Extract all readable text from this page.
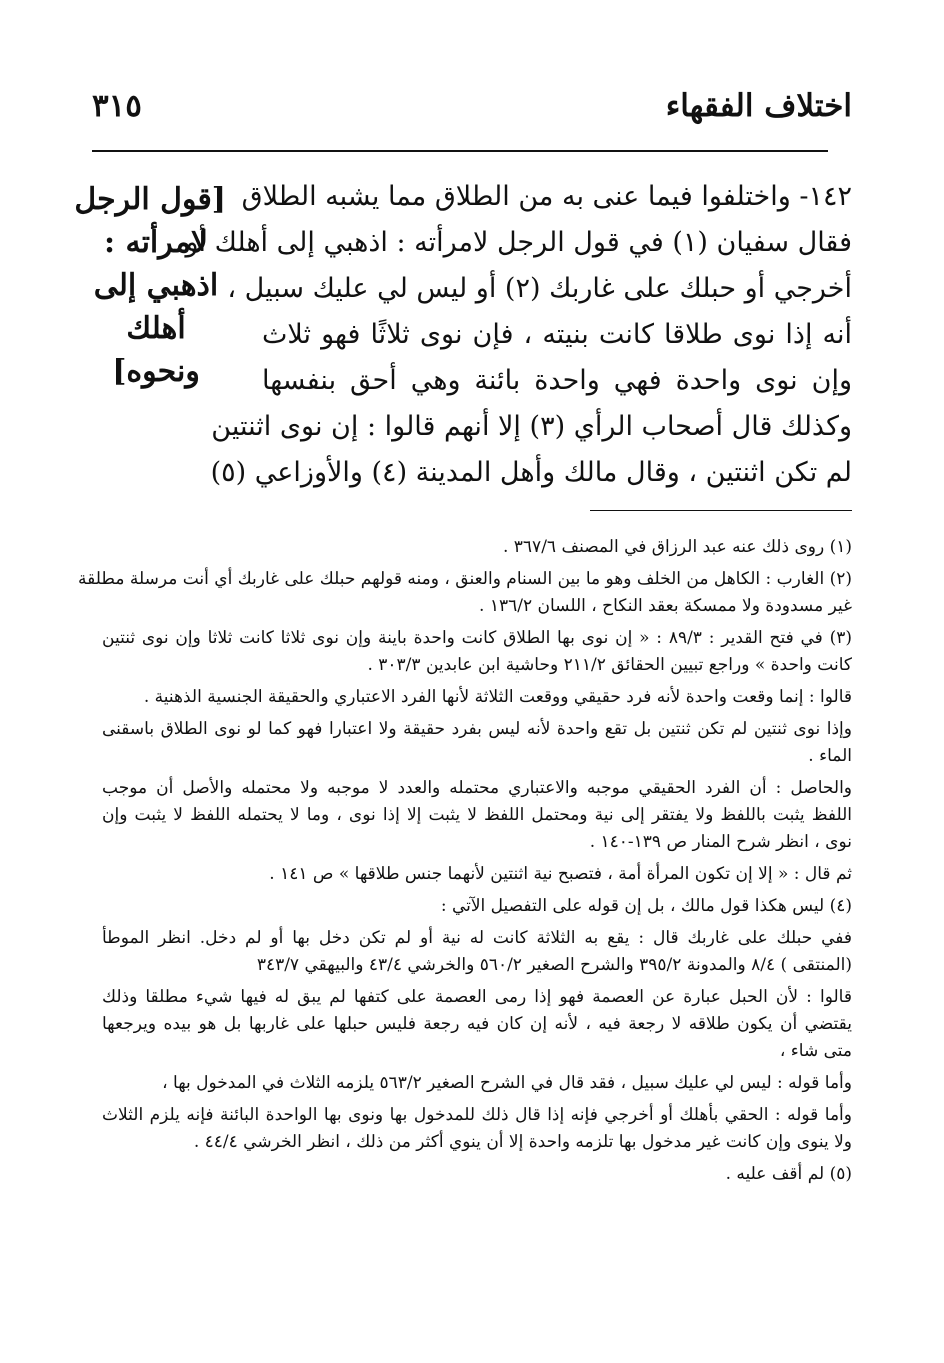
اختلاف الفقهاء
٣١٥
[قول الرجل
لامرأته :
اذهبي إلى
أهلك
ونحوه]
١٤٢- واختلفوا فيما عنى به من الطلاق مما يشبه الطلاق
فقال سفيان (١) في قول الرجل لامرأته : اذهبي إلى أهلك أو
أخرجي أو حبلك على غاربك (٢) أو ليس لي عليك سبيل ،
أنه إذا نوى طلاقا كانت بنيته ، فإن نوى ثلاثًا فهو ثلاث
وإن نوى واحدة فهي واحدة بائنة وهي أحق بنفسها
وكذلك قال أصحاب الرأي (٣) إلا أنهم قالوا : إن نوى اثنتين
لم تكن اثنتين ، وقال مالك وأهل المدينة (٤) والأوزاعي (٥)
(١) روى ذلك عنه عبد الرزاق في المصنف ٣٦٧/٦ .
(٢) الغارب : الكاهل من الخلف وهو ما بين السنام والعنق ، ومنه قولهم حبلك على غاربك أي أنت مرسلة مطلقة
غير مسدودة ولا ممسكة بعقد النكاح ، اللسان ١٣٦/٢ .
(٣) في فتح القدير : ٨٩/٣ : « إن نوى بها الطلاق كانت واحدة باينة وإن نوى ثلاثا كانت ثلاثا وإن نوى ثنتين
كانت واحدة » وراجع تبيين الحقائق ٢١١/٢ وحاشية ابن عابدين ٣٠٣/٣ .
قالوا : إنما وقعت واحدة لأنه فرد حقيقي ووقعت الثلاثة لأنها الفرد الاعتباري والحقيقة الجنسية الذهنية .
وإذا نوى ثنتين لم تكن ثنتين بل تقع واحدة لأنه ليس بفرد حقيقة ولا اعتبارا فهو كما لو نوى الطلاق باسقنى
الماء .
والحاصل : أن الفرد الحقيقي موجبه والاعتباري محتمله والعدد لا موجبه ولا محتمله والأصل أن موجب
اللفظ يثبت باللفظ ولا يفتقر إلى نية ومحتمل اللفظ لا يثبت إلا إذا نوى ، وما لا يحتمله اللفظ لا يثبت وإن
نوى ، انظر شرح المنار ص ١٣٩-١٤٠ .
ثم قال : « إلا إن تكون المرأة أمة ، فتصبح نية اثنتين لأنهما جنس طلاقها » ص ١٤١ .
(٤) ليس هكذا قول مالك ، بل إن قوله على التفصيل الآتي :
ففي حبلك على غاربك قال : يقع به الثلاثة كانت له نية أو لم تكن دخل بها أو لم دخل. انظر الموطأ
(المنتقى ) ٨/٤ والمدونة ٣٩٥/٢ والشرح الصغير ٥٦٠/٢ والخرشي ٤٣/٤ والبيهقي ٣٤٣/٧
قالوا : لأن الحبل عبارة عن العصمة فهو إذا رمى العصمة على كتفها لم يبق له فيها شيء مطلقا وذلك
يقتضي أن يكون طلاقه لا رجعة فيه ، لأنه إن كان فيه رجعة فليس حبلها على غاربها بل هو بيده ويرجعها
متى شاء ،
وأما قوله : ليس لي عليك سبيل ، فقد قال في الشرح الصغير ٥٦٣/٢ يلزمه الثلاث في المدخول بها ،
وأما قوله : الحقي بأهلك أو أخرجي فإنه إذا قال ذلك للمدخول بها ونوى بها الواحدة البائنة فإنه يلزم الثلاث
ولا ينوى وإن كانت غير مدخول بها تلزمه واحدة إلا أن ينوي أكثر من ذلك ، انظر الخرشي ٤٤/٤ .
(٥) لم أقف عليه .
